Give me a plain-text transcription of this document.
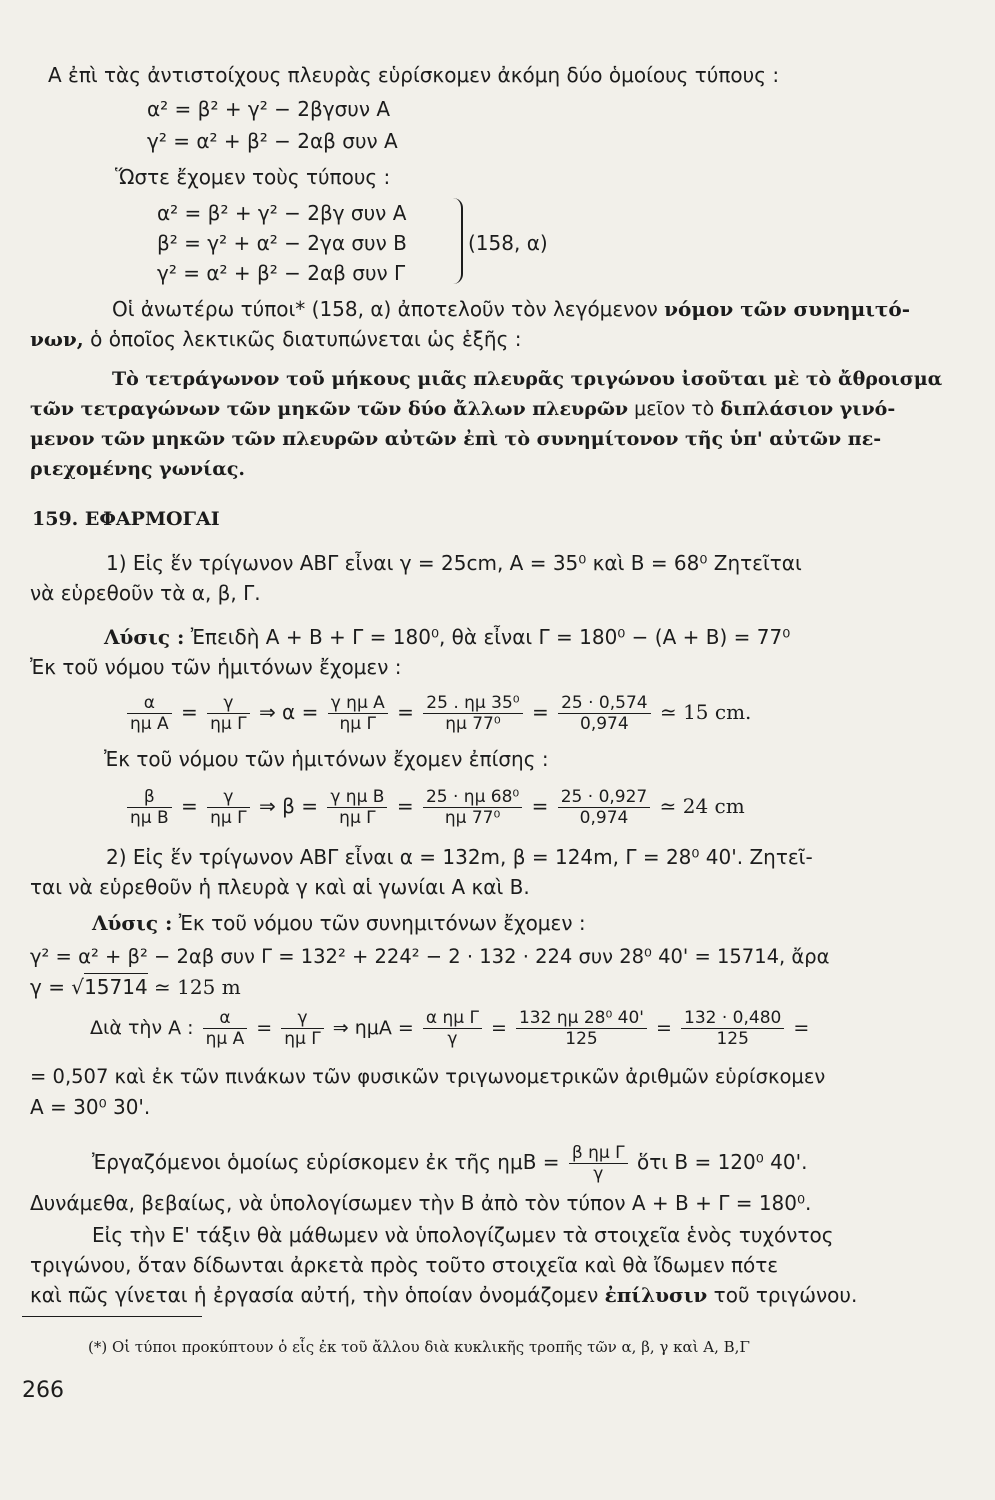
Α ἐπὶ τὰς ἀντιστοίχους πλευρὰς εὑρίσκομεν ἀκόμη δύο ὁμοίους τύπους :
α² = β² + γ² − 2βγσυν Α
γ² = α² + β² − 2αβ συν Α
Ὥστε ἔχομεν τοὺς τύπους :
α² = β² + γ² − 2βγ συν Α
β² = γ² + α² − 2γα συν Β
γ² = α² + β² − 2αβ συν Γ
(158, α)
Οἱ ἀνωτέρω τύποι* (158, α) ἀποτελοῦν τὸν λεγόμενον νόμον τῶν συνημιτό-
νων, ὁ ὁποῖος λεκτικῶς διατυπώνεται ὡς ἑξῆς :
Τὸ τετράγωνον τοῦ μήκους μιᾶς πλευρᾶς τριγώνου ἰσοῦται μὲ τὸ ἄθροισμα
τῶν τετραγώνων τῶν μηκῶν τῶν δύο ἄλλων πλευρῶν μεῖον τὸ διπλάσιον γινό-
μενον τῶν μηκῶν τῶν πλευρῶν αὐτῶν ἐπὶ τὸ συνημίτονον τῆς ὑπ' αὐτῶν πε-
ριεχομένης γωνίας.
159. ΕΦΑΡΜΟΓΑΙ
1) Εἰς ἕν τρίγωνον ΑΒΓ εἶναι γ = 25cm, Α = 35⁰ καὶ Β = 68⁰ Ζητεῖται
νὰ εὑρεθοῦν τὰ α, β, Γ.
Λύσις : Ἐπειδὴ Α + Β + Γ = 180⁰, θὰ εἶναι Γ = 180⁰ − (Α + Β) = 77⁰
Ἐκ τοῦ νόμου τῶν ἡμιτόνων ἔχομεν :
$\frac{\alpha}{\text{ημ Α}} = \frac{\gamma}{\text{ημ Γ}}$ ⇒ $\alpha = \frac{\text{γ ημ Α}}{\text{ημ Γ}} = \frac{\text{25 . ημ 35⁰}}{\text{ημ 77⁰}} = \frac{25 \cdot 0,574}{0,974}$ ≃ 15 cm.
Ἐκ τοῦ νόμου τῶν ἡμιτόνων ἔχομεν ἐπίσης :
$\frac{\beta}{\text{ημ Β}} = \frac{\gamma}{\text{ημ Γ}}$ ⇒ $\beta = \frac{\text{γ ημ Β}}{\text{ημ Γ}} = \frac{\text{25 · ημ 68⁰}}{\text{ημ 77⁰}} = \frac{25 \cdot 0,927}{0,974}$ ≃ 24 cm
2) Εἰς ἕν τρίγωνον ΑΒΓ εἶναι α = 132m, β = 124m, Γ = 28⁰ 40'. Ζητεῖ-
ται νὰ εὑρεθοῦν ἡ πλευρὰ γ καὶ αἱ γωνίαι Α καὶ Β.
Λύσις : Ἐκ τοῦ νόμου τῶν συνημιτόνων ἔχομεν :
γ² = α² + β² − 2αβ συν Γ = 132² + 224² − 2 · 132 · 224 συν 28⁰ 40' = 15714, ἄρα
γ = √15714 ≃ 125 m
Διὰ τὴν Α : $\frac{\alpha}{\text{ημ Α}} = \frac{\gamma}{\text{ημ Γ}}$ ⇒ $\eta\mu A = \frac{\text{α ημ Γ}}{\gamma} = \frac{\text{132 ημ 28⁰ 40'}}{125} = \frac{132 \cdot 0,480}{125}$ =
= 0,507 καὶ ἐκ τῶν πινάκων τῶν φυσικῶν τριγωνομετρικῶν ἀριθμῶν εὑρίσκομεν
Α = 30⁰ 30'.
Ἐργαζόμενοι ὁμοίως εὑρίσκομεν ἐκ τῆς $\eta\mu B = \frac{\text{β ημ Γ}}{\gamma}$ ὅτι Β = 120⁰ 40'.
Δυνάμεθα, βεβαίως, νὰ ὑπολογίσωμεν τὴν Β ἀπὸ τὸν τύπον Α + Β + Γ = 180⁰.
Εἰς τὴν Ε' τάξιν θὰ μάθωμεν νὰ ὑπολογίζωμεν τὰ στοιχεῖα ἑνὸς τυχόντος
τριγώνου, ὅταν δίδωνται ἀρκετὰ πρὸς τοῦτο στοιχεῖα καὶ θὰ ἴδωμεν πότε
καὶ πῶς γίνεται ἡ ἐργασία αὐτή, τὴν ὁποίαν ὀνομάζομεν ἐπίλυσιν τοῦ τριγώνου.
(*) Οἱ τύποι προκύπτουν ὁ εἷς ἐκ τοῦ ἄλλου διὰ κυκλικῆς τροπῆς τῶν α, β, γ καὶ Α, Β,Γ
266
